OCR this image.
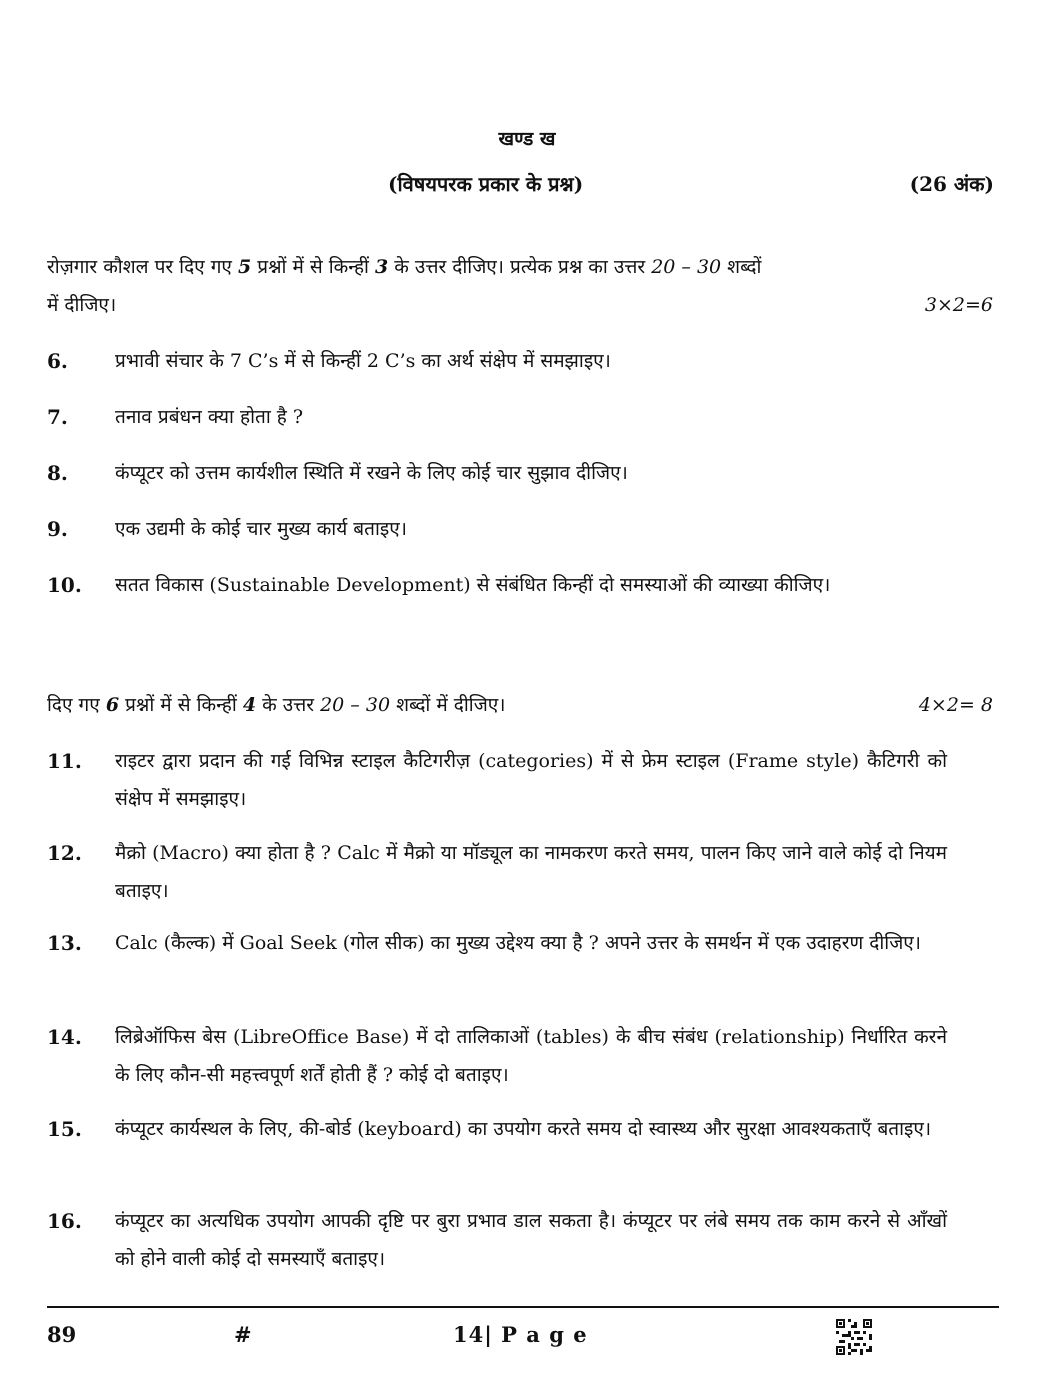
खण्ड ख
(विषयपरक प्रकार के प्रश्न)	(26 अंक)
रोज़गार कौशल पर दिए गए 5 प्रश्नों में से किन्हीं 3 के उत्तर दीजिए। प्रत्येक प्रश्न का उत्तर 20 – 30 शब्दों
में दीजिए।	3×2=6
6. प्रभावी संचार के 7 C’s में से किन्हीं 2 C’s का अर्थ संक्षेप में समझाइए।
7. तनाव प्रबंधन क्या होता है ?
8. कंप्यूटर को उत्तम कार्यशील स्थिति में रखने के लिए कोई चार सुझाव दीजिए।
9. एक उद्यमी के कोई चार मुख्य कार्य बताइए।
10. सतत विकास (Sustainable Development) से संबंधित किन्हीं दो समस्याओं की व्याख्या कीजिए।
दिए गए 6 प्रश्नों में से किन्हीं 4 के उत्तर 20 – 30 शब्दों में दीजिए।	4×2= 8
11. राइटर द्वारा प्रदान की गई विभिन्न स्टाइल कैटिगरीज़ (categories) में से फ्रेम स्टाइल (Frame style) कैटिगरी को संक्षेप में समझाइए।
12. मैक्रो (Macro) क्या होता है ? Calc में मैक्रो या मॉड्यूल का नामकरण करते समय, पालन किए जाने वाले कोई दो नियम बताइए।
13. Calc (कैल्क) में Goal Seek (गोल सीक) का मुख्य उद्देश्य क्या है ? अपने उत्तर के समर्थन में एक उदाहरण दीजिए।
14. लिब्रेऑफिस बेस (LibreOffice Base) में दो तालिकाओं (tables) के बीच संबंध (relationship) निर्धारित करने के लिए कौन-सी महत्त्वपूर्ण शर्तें होती हैं ? कोई दो बताइए।
15. कंप्यूटर कार्यस्थल के लिए, की-बोर्ड (keyboard) का उपयोग करते समय दो स्वास्थ्य और सुरक्षा आवश्यकताएँ बताइए।
16. कंप्यूटर का अत्यधिक उपयोग आपकी दृष्टि पर बुरा प्रभाव डाल सकता है। कंप्यूटर पर लंबे समय तक काम करने से आँखों को होने वाली कोई दो समस्याएँ बताइए।
89	#	14| P a g e
